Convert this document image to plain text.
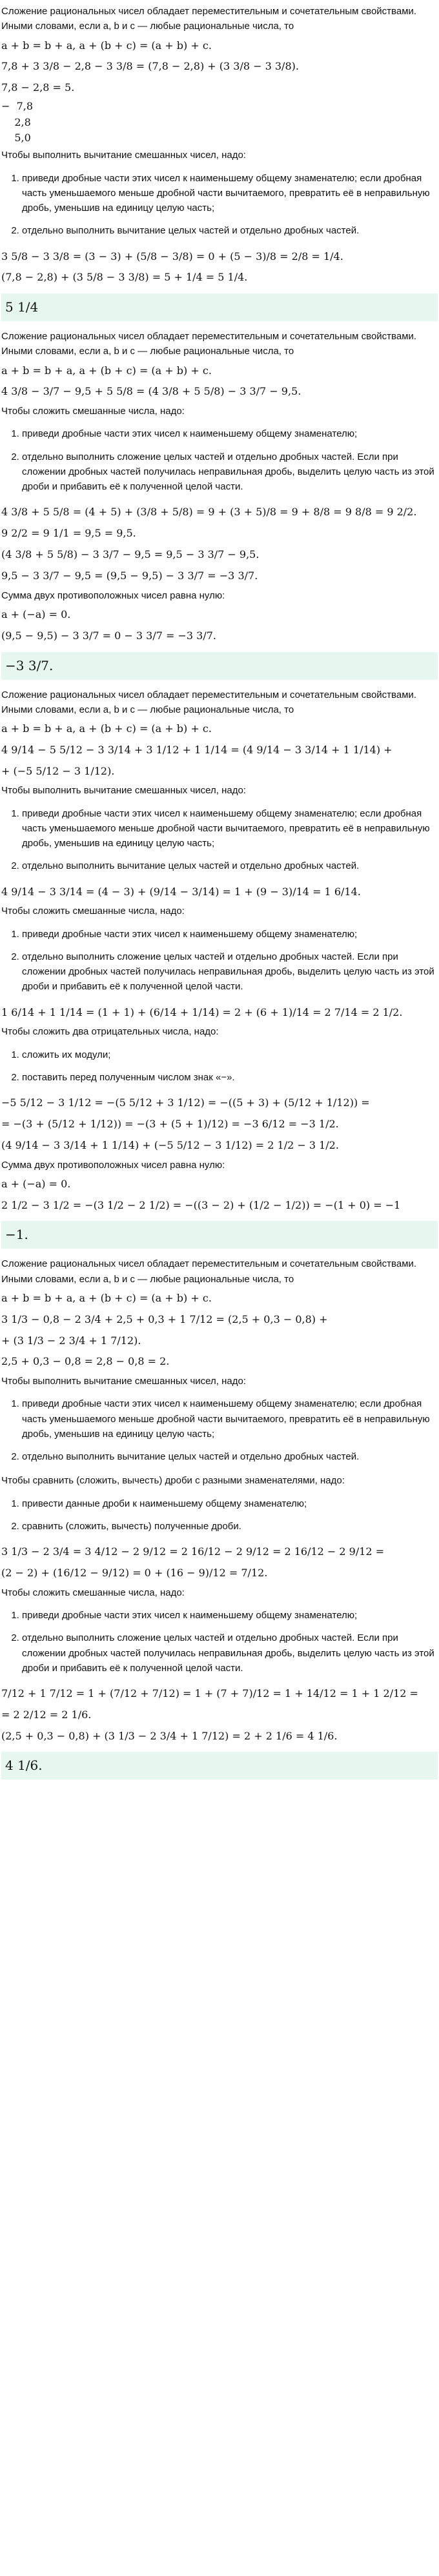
Сложение рациональных чисел обладает переместительным и сочетательным свойствами. Иными словами, если a, b и c — любые рациональные числа, то

a + b = b + a, a + (b + c) = (a + b) + c.

7,8 + 3 3/8 − 2,8 − 3 3/8 = (7,8 − 2,8) + (3 3/8 − 3 3/8).

7,8 − 2,8 = 5.

−  7,8

2,8

5,0

Чтобы выполнить вычитание смешанных чисел, надо:

1. приведи дробные части этих чисел к наименьшему общему знаменателю; если дробная часть уменьшаемого меньше дробной части вычитаемого, превратить её в неправильную дробь, уменьшив на единицу целую часть;
2. отдельно выполнить вычитание целых частей и отдельно дробных частей.

3 5/8 − 3 3/8 = (3 − 3) + (5/8 − 3/8) = 0 + (5 − 3)/8 = 2/8 = 1/4.

(7,8 − 2,8) + (3 5/8 − 3 3/8) = 5 + 1/4 = 5 1/4.

5 1/4

Сложение рациональных чисел обладает переместительным и сочетательным свойствами. Иными словами, если a, b и c — любые рациональные числа, то

a + b = b + a, a + (b + c) = (a + b) + c.

4 3/8 − 3/7 − 9,5 + 5 5/8 = (4 3/8 + 5 5/8) − 3 3/7 − 9,5.

Чтобы сложить смешанные числа, надо:

1. приведи дробные части этих чисел к наименьшему общему знаменателю;
2. отдельно выполнить сложение целых частей и отдельно дробных частей. Если при сложении дробных частей получилась неправильная дробь, выделить целую часть из этой дроби и прибавить её к полученной целой части.

4 3/8 + 5 5/8 = (4 + 5) + (3/8 + 5/8) = 9 + (3 + 5)/8 = 9 + 8/8 = 9 8/8 = 9 2/2.

9 2/2 = 9 1/1 = 9,5 = 9,5.

(4 3/8 + 5 5/8) − 3 3/7 − 9,5 = 9,5 − 3 3/7 − 9,5.

9,5 − 3 3/7 − 9,5 = (9,5 − 9,5) − 3 3/7 = −3 3/7.

Сумма двух противоположных чисел равна нулю:

a + (−a) = 0.

(9,5 − 9,5) − 3 3/7 = 0 − 3 3/7 = −3 3/7.

−3 3/7.

Сложение рациональных чисел обладает переместительным и сочетательным свойствами. Иными словами, если a, b и c — любые рациональные числа, то

a + b = b + a, a + (b + c) = (a + b) + c.

4 9/14 − 5 5/12 − 3 3/14 + 3 1/12 + 1 1/14 = (4 9/14 − 3 3/14 + 1 1/14) +

+ (−5 5/12 − 3 1/12).

Чтобы выполнить вычитание смешанных чисел, надо:

1. приведи дробные части этих чисел к наименьшему общему знаменателю; если дробная часть уменьшаемого меньше дробной части вычитаемого, превратить её в неправильную дробь, уменьшив на единицу целую часть;
2. отдельно выполнить вычитание целых частей и отдельно дробных частей.

4 9/14 − 3 3/14 = (4 − 3) + (9/14 − 3/14) = 1 + (9 − 3)/14 = 1 6/14.

Чтобы сложить смешанные числа, надо:

1. приведи дробные части этих чисел к наименьшему общему знаменателю;
2. отдельно выполнить сложение целых частей и отдельно дробных частей. Если при сложении дробных частей получилась неправильная дробь, выделить целую часть из этой дроби и прибавить её к полученной целой части.

1 6/14 + 1 1/14 = (1 + 1) + (6/14 + 1/14) = 2 + (6 + 1)/14 = 2 7/14 = 2 1/2.

Чтобы сложить два отрицательных числа, надо:

1. сложить их модули;
2. поставить перед полученным числом знак «−».

−5 5/12 − 3 1/12 = −(5 5/12 + 3 1/12) = −((5 + 3) + (5/12 + 1/12)) =

= −(3 + (5/12 + 1/12)) = −(3 + (5 + 1)/12) = −3 6/12 = −3 1/2.

(4 9/14 − 3 3/14 + 1 1/14) + (−5 5/12 − 3 1/12) = 2 1/2 − 3 1/2.

Сумма двух противоположных чисел равна нулю:

a + (−a) = 0.

2 1/2 − 3 1/2 = −(3 1/2 − 2 1/2) = −((3 − 2) + (1/2 − 1/2)) = −(1 + 0) = −1

−1.

Сложение рациональных чисел обладает переместительным и сочетательным свойствами. Иными словами, если a, b и c — любые рациональные числа, то

a + b = b + a, a + (b + c) = (a + b) + c.

3 1/3 − 0,8 − 2 3/4 + 2,5 + 0,3 + 1 7/12 = (2,5 + 0,3 − 0,8) +

+ (3 1/3 − 2 3/4 + 1 7/12).

2,5 + 0,3 − 0,8 = 2,8 − 0,8 = 2.

Чтобы выполнить вычитание смешанных чисел, надо:

1. приведи дробные части этих чисел к наименьшему общему знаменателю; если дробная часть уменьшаемого меньше дробной части вычитаемого, превратить её в неправильную дробь, уменьшив на единицу целую часть;
2. отдельно выполнить вычитание целых частей и отдельно дробных частей.

Чтобы сравнить (сложить, вычесть) дроби с разными знаменателями, надо:

1. привести данные дроби к наименьшему общему знаменателю;
2. сравнить (сложить, вычесть) полученные дроби.

3 1/3 − 2 3/4 = 3 4/12 − 2 9/12 = 2 16/12 − 2 9/12 = 2 16/12 − 2 9/12 =

(2 − 2) + (16/12 − 9/12) = 0 + (16 − 9)/12 = 7/12.

Чтобы сложить смешанные числа, надо:

1. приведи дробные части этих чисел к наименьшему общему знаменателю;
2. отдельно выполнить сложение целых частей и отдельно дробных частей. Если при сложении дробных частей получилась неправильная дробь, выделить целую часть из этой дроби и прибавить её к полученной целой части.

7/12 + 1 7/12 = 1 + (7/12 + 7/12) = 1 + (7 + 7)/12 = 1 + 14/12 = 1 + 1 2/12 =

= 2 2/12 = 2 1/6.

(2,5 + 0,3 − 0,8) + (3 1/3 − 2 3/4 + 1 7/12) = 2 + 2 1/6 = 4 1/6.

4 1/6.
